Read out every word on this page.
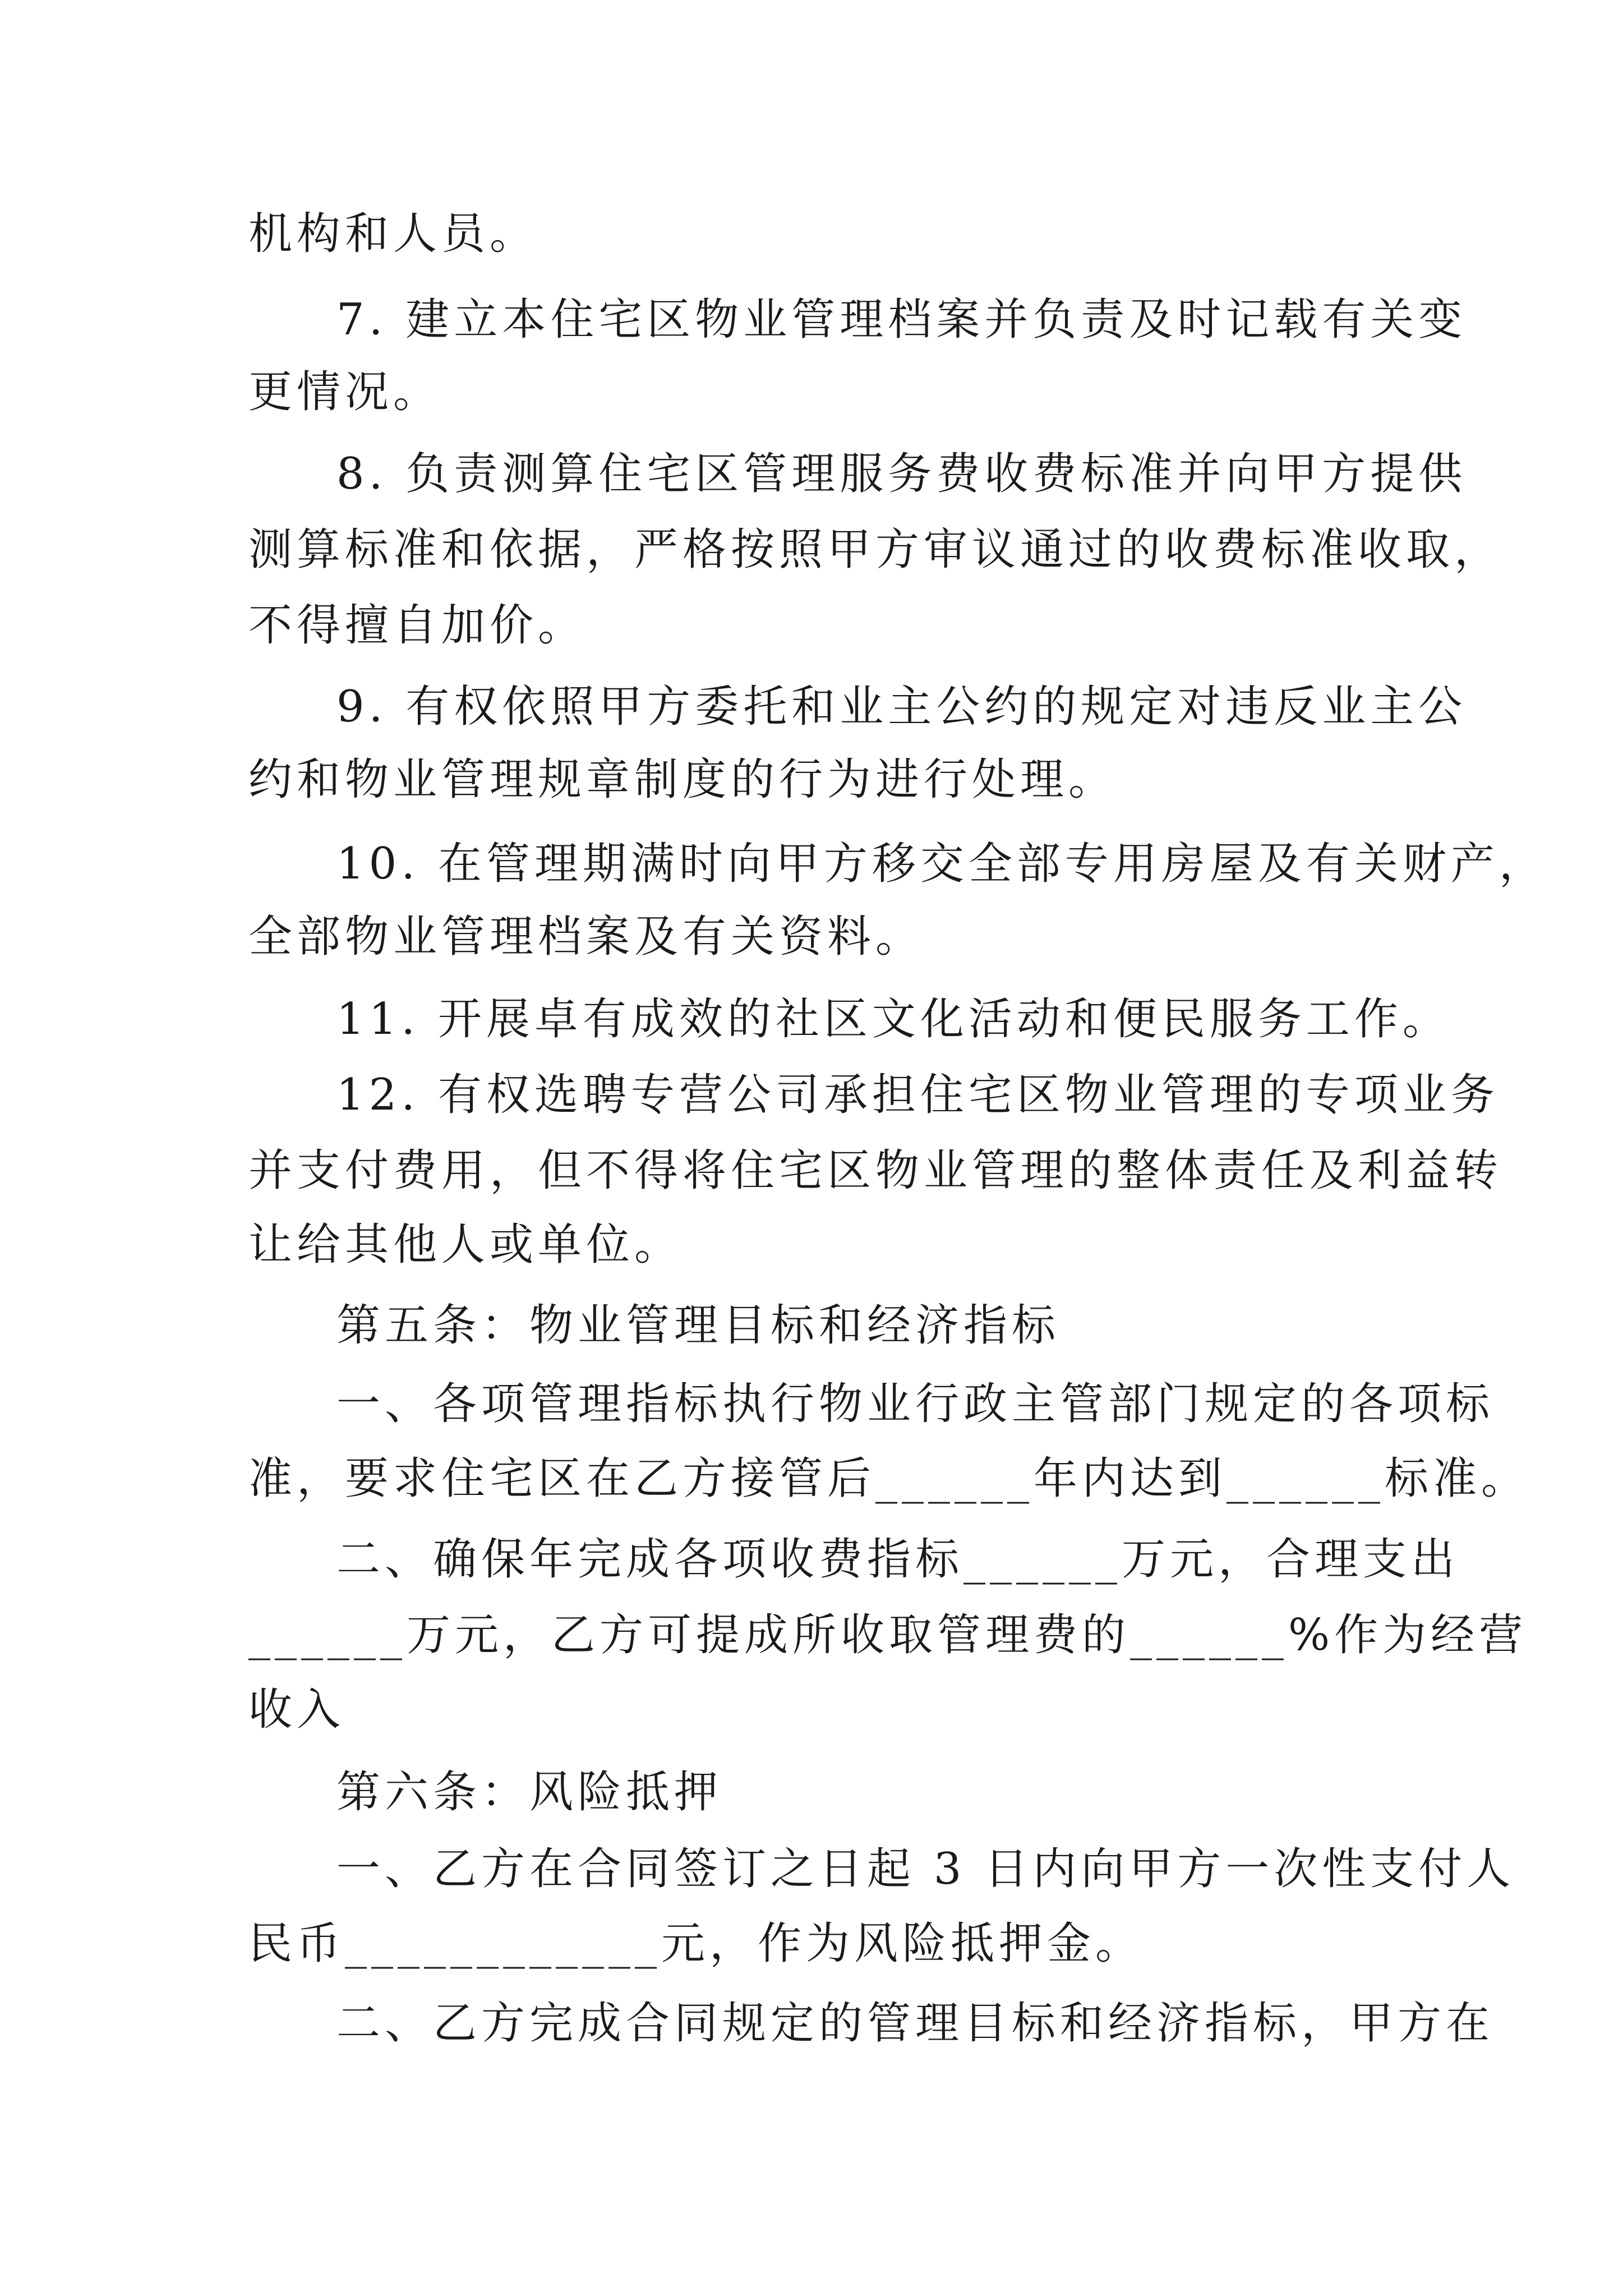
机构和人员。
7. 建立本住宅区物业管理档案并负责及时记载有关变
更情况。
8. 负责测算住宅区管理服务费收费标准并向甲方提供
测算标准和依据，严格按照甲方审议通过的收费标准收取，
不得擅自加价。
9. 有权依照甲方委托和业主公约的规定对违反业主公
约和物业管理规章制度的行为进行处理。
10. 在管理期满时向甲方移交全部专用房屋及有关财产，
全部物业管理档案及有关资料。
11. 开展卓有成效的社区文化活动和便民服务工作。
12. 有权选聘专营公司承担住宅区物业管理的专项业务
并支付费用，但不得将住宅区物业管理的整体责任及利益转
让给其他人或单位。
第五条：物业管理目标和经济指标
一、各项管理指标执行物业行政主管部门规定的各项标
准，要求住宅区在乙方接管后______年内达到______标准。
二、确保年完成各项收费指标______万元，合理支出
______万元，乙方可提成所收取管理费的______%作为经营
收入
第六条：风险抵押
一、乙方在合同签订之日起 3 日内向甲方一次性支付人
民币____________元，作为风险抵押金。
二、乙方完成合同规定的管理目标和经济指标，甲方在
